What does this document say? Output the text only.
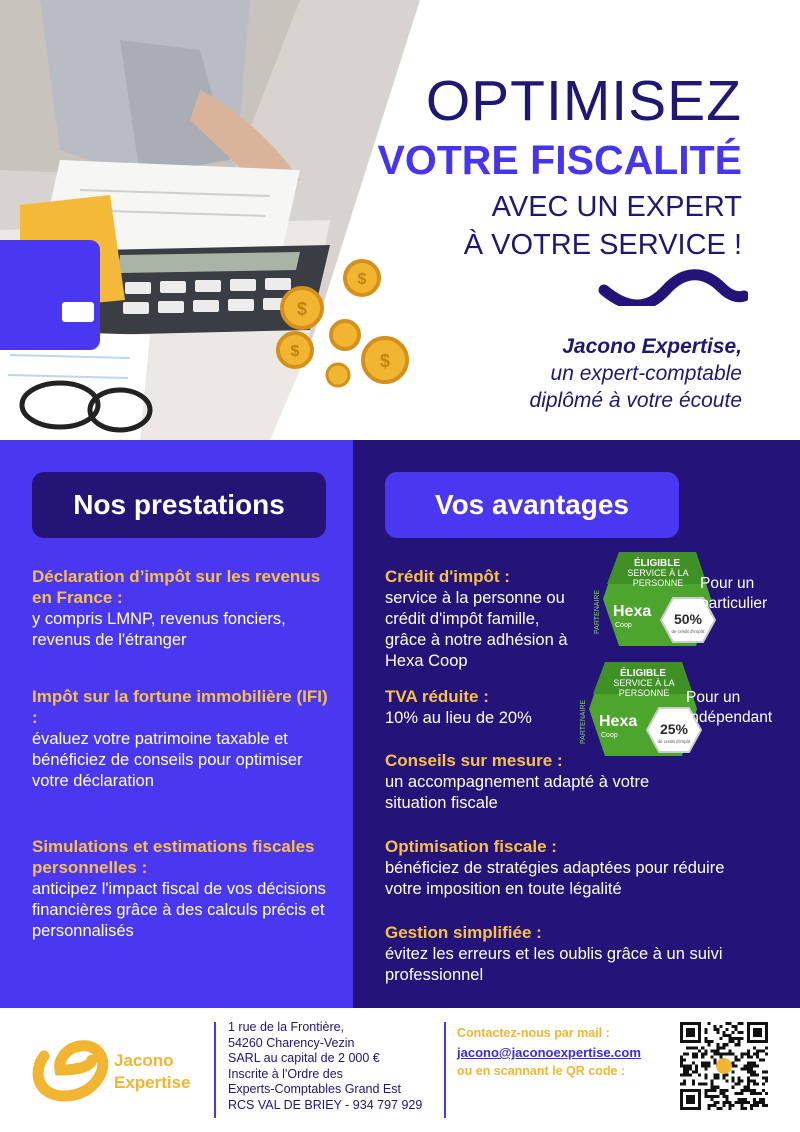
$
$
$	$
OPTIMISEZ
VOTRE FISCALITÉ
AVEC UN EXPERT
À VOTRE SERVICE !
Jacono Expertise,
un expert-comptable
diplômé à votre écoute
Nos prestations
Déclaration d’impôt sur les revenus en France :
y compris LMNP, revenus fonciers, revenus de l'étranger
Impôt sur la fortune immobilière (IFI) :
évaluez votre patrimoine taxable et bénéficiez de conseils pour optimiser votre déclaration
Simulations et estimations fiscales personnelles :
anticipez l'impact fiscal de vos décisions financières grâce à des calculs précis et personnalisés
Vos avantages
Crédit d'impôt :
service à la personne ou crédit d'impôt famille, grâce à notre adhésion à Hexa Coop
TVA réduite :
10% au lieu de 20%
Conseils sur mesure :
un accompagnement adapté à votre situation fiscale
Optimisation fiscale :
bénéficiez de stratégies adaptées pour réduire votre imposition en toute légalité
Gestion simplifiée :
évitez les erreurs et les oublis grâce à un suivi professionnel
ÉLIGIBLE
SERVICE À LA PERSONNE
Hexa
Coop
PARTENAIRE	50%
de crédit d'impôt
Pour un
particulier
ÉLIGIBLE
SERVICE À LA PERSONNE
Hexa
Coop
PARTENAIRE	25%
de crédit d'impôt
Pour un
Indépendant
Jacono
Expertise
1 rue de la Frontière,
54260 Charency-Vezin
SARL au capital de 2 000 €
Inscrite à l'Ordre des
Experts-Comptables Grand Est
RCS VAL DE BRIEY - 934 797 929
Contactez-nous par mail :
jacono@jaconoexpertise.com
ou en scannant le QR code :
